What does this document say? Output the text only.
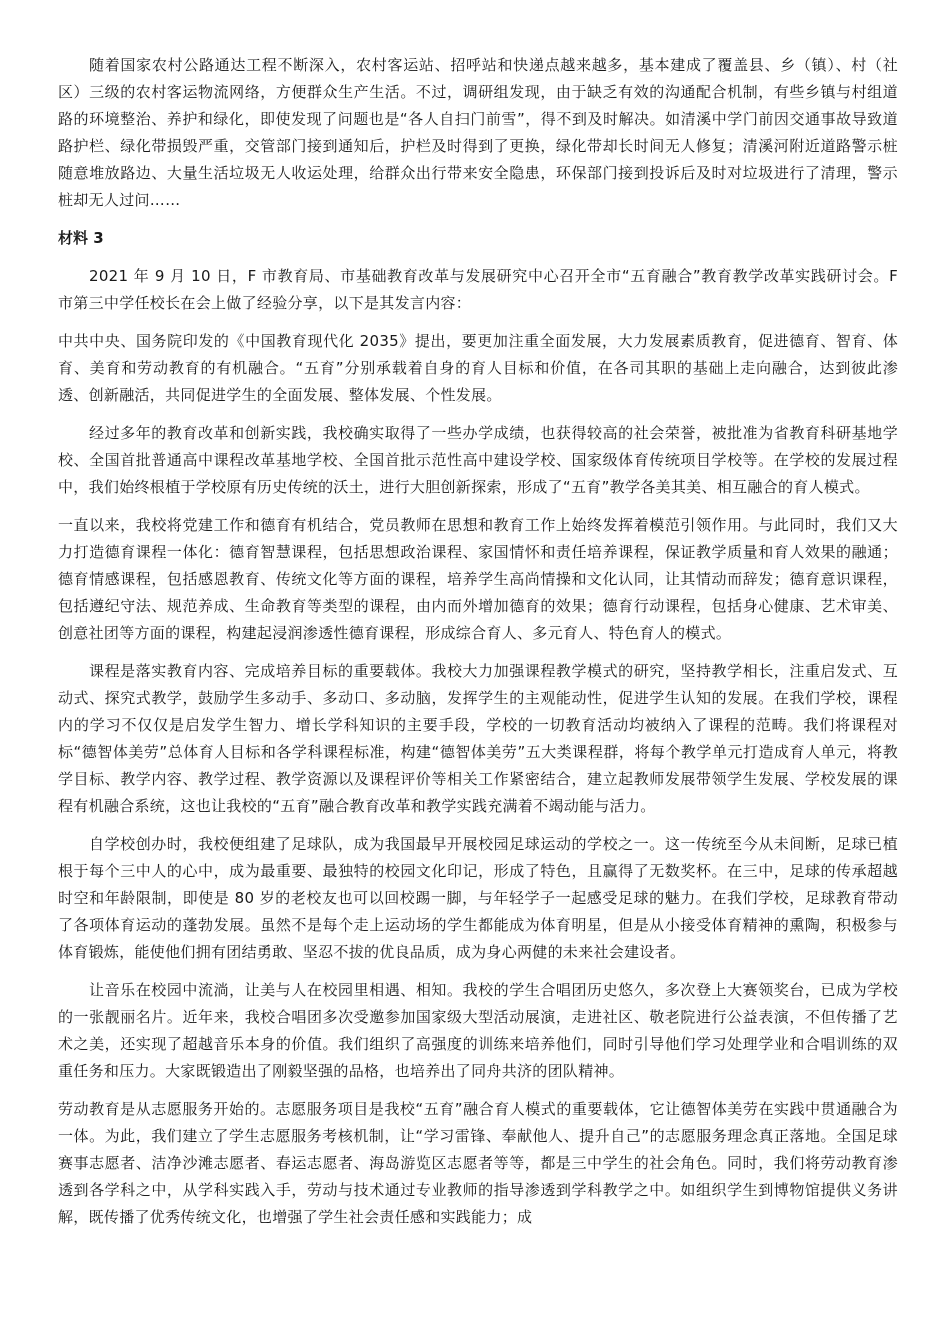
随着国家农村公路通达工程不断深入，农村客运站、招呼站和快递点越来越多，基本建成了覆盖县、乡（镇）、村（社区）三级的农村客运物流网络，方便群众生产生活。不过，调研组发现，由于缺乏有效的沟通配合机制，有些乡镇与村组道路的环境整治、养护和绿化，即使发现了问题也是“各人自扫门前雪”，得不到及时解决。如清溪中学门前因交通事故导致道路护栏、绿化带损毁严重，交管部门接到通知后，护栏及时得到了更换，绿化带却长时间无人修复；清溪河附近道路警示桩随意堆放路边、大量生活垃圾无人收运处理，给群众出行带来安全隐患，环保部门接到投诉后及时对垃圾进行了清理，警示桩却无人过问……

材料 3

2021 年 9 月 10 日，F 市教育局、市基础教育改革与发展研究中心召开全市“五育融合”教育教学改革实践研讨会。F 市第三中学任校长在会上做了经验分享，以下是其发言内容：

中共中央、国务院印发的《中国教育现代化 2035》提出，要更加注重全面发展，大力发展素质教育，促进德育、智育、体育、美育和劳动教育的有机融合。“五育”分别承载着自身的育人目标和价值，在各司其职的基础上走向融合，达到彼此渗透、创新融活，共同促进学生的全面发展、整体发展、个性发展。

经过多年的教育改革和创新实践，我校确实取得了一些办学成绩，也获得较高的社会荣誉，被批准为省教育科研基地学校、全国首批普通高中课程改革基地学校、全国首批示范性高中建设学校、国家级体育传统项目学校等。在学校的发展过程中，我们始终根植于学校原有历史传统的沃土，进行大胆创新探索，形成了“五育”教学各美其美、相互融合的育人模式。

一直以来，我校将党建工作和德育有机结合，党员教师在思想和教育工作上始终发挥着模范引领作用。与此同时，我们又大力打造德育课程一体化：德育智慧课程，包括思想政治课程、家国情怀和责任培养课程，保证教学质量和育人效果的融通；德育情感课程，包括感恩教育、传统文化等方面的课程，培养学生高尚情操和文化认同，让其情动而辞发；德育意识课程，包括遵纪守法、规范养成、生命教育等类型的课程，由内而外增加德育的效果；德育行动课程，包括身心健康、艺术审美、创意社团等方面的课程，构建起浸润渗透性德育课程，形成综合育人、多元育人、特色育人的模式。

课程是落实教育内容、完成培养目标的重要载体。我校大力加强课程教学模式的研究，坚持教学相长，注重启发式、互动式、探究式教学，鼓励学生多动手、多动口、多动脑，发挥学生的主观能动性，促进学生认知的发展。在我们学校，课程内的学习不仅仅是启发学生智力、增长学科知识的主要手段，学校的一切教育活动均被纳入了课程的范畴。我们将课程对标“德智体美劳”总体育人目标和各学科课程标准，构建“德智体美劳”五大类课程群，将每个教学单元打造成育人单元，将教学目标、教学内容、教学过程、教学资源以及课程评价等相关工作紧密结合，建立起教师发展带领学生发展、学校发展的课程有机融合系统，这也让我校的“五育”融合教育改革和教学实践充满着不竭动能与活力。

自学校创办时，我校便组建了足球队，成为我国最早开展校园足球运动的学校之一。这一传统至今从未间断，足球已植根于每个三中人的心中，成为最重要、最独特的校园文化印记，形成了特色，且赢得了无数奖杯。在三中，足球的传承超越时空和年龄限制，即使是 80 岁的老校友也可以回校踢一脚，与年轻学子一起感受足球的魅力。在我们学校，足球教育带动了各项体育运动的蓬勃发展。虽然不是每个走上运动场的学生都能成为体育明星，但是从小接受体育精神的熏陶，积极参与体育锻炼，能使他们拥有团结勇敢、坚忍不拔的优良品质，成为身心两健的未来社会建设者。

让音乐在校园中流淌，让美与人在校园里相遇、相知。我校的学生合唱团历史悠久，多次登上大赛领奖台，已成为学校的一张靓丽名片。近年来，我校合唱团多次受邀参加国家级大型活动展演，走进社区、敬老院进行公益表演，不但传播了艺术之美，还实现了超越音乐本身的价值。我们组织了高强度的训练来培养他们，同时引导他们学习处理学业和合唱训练的双重任务和压力。大家既锻造出了刚毅坚强的品格，也培养出了同舟共济的团队精神。

劳动教育是从志愿服务开始的。志愿服务项目是我校“五育”融合育人模式的重要载体，它让德智体美劳在实践中贯通融合为一体。为此，我们建立了学生志愿服务考核机制，让“学习雷锋、奉献他人、提升自己”的志愿服务理念真正落地。全国足球赛事志愿者、洁净沙滩志愿者、春运志愿者、海岛游览区志愿者等等，都是三中学生的社会角色。同时，我们将劳动教育渗透到各学科之中，从学科实践入手，劳动与技术通过专业教师的指导渗透到学科教学之中。如组织学生到博物馆提供义务讲解，既传播了优秀传统文化，也增强了学生社会责任感和实践能力；成
